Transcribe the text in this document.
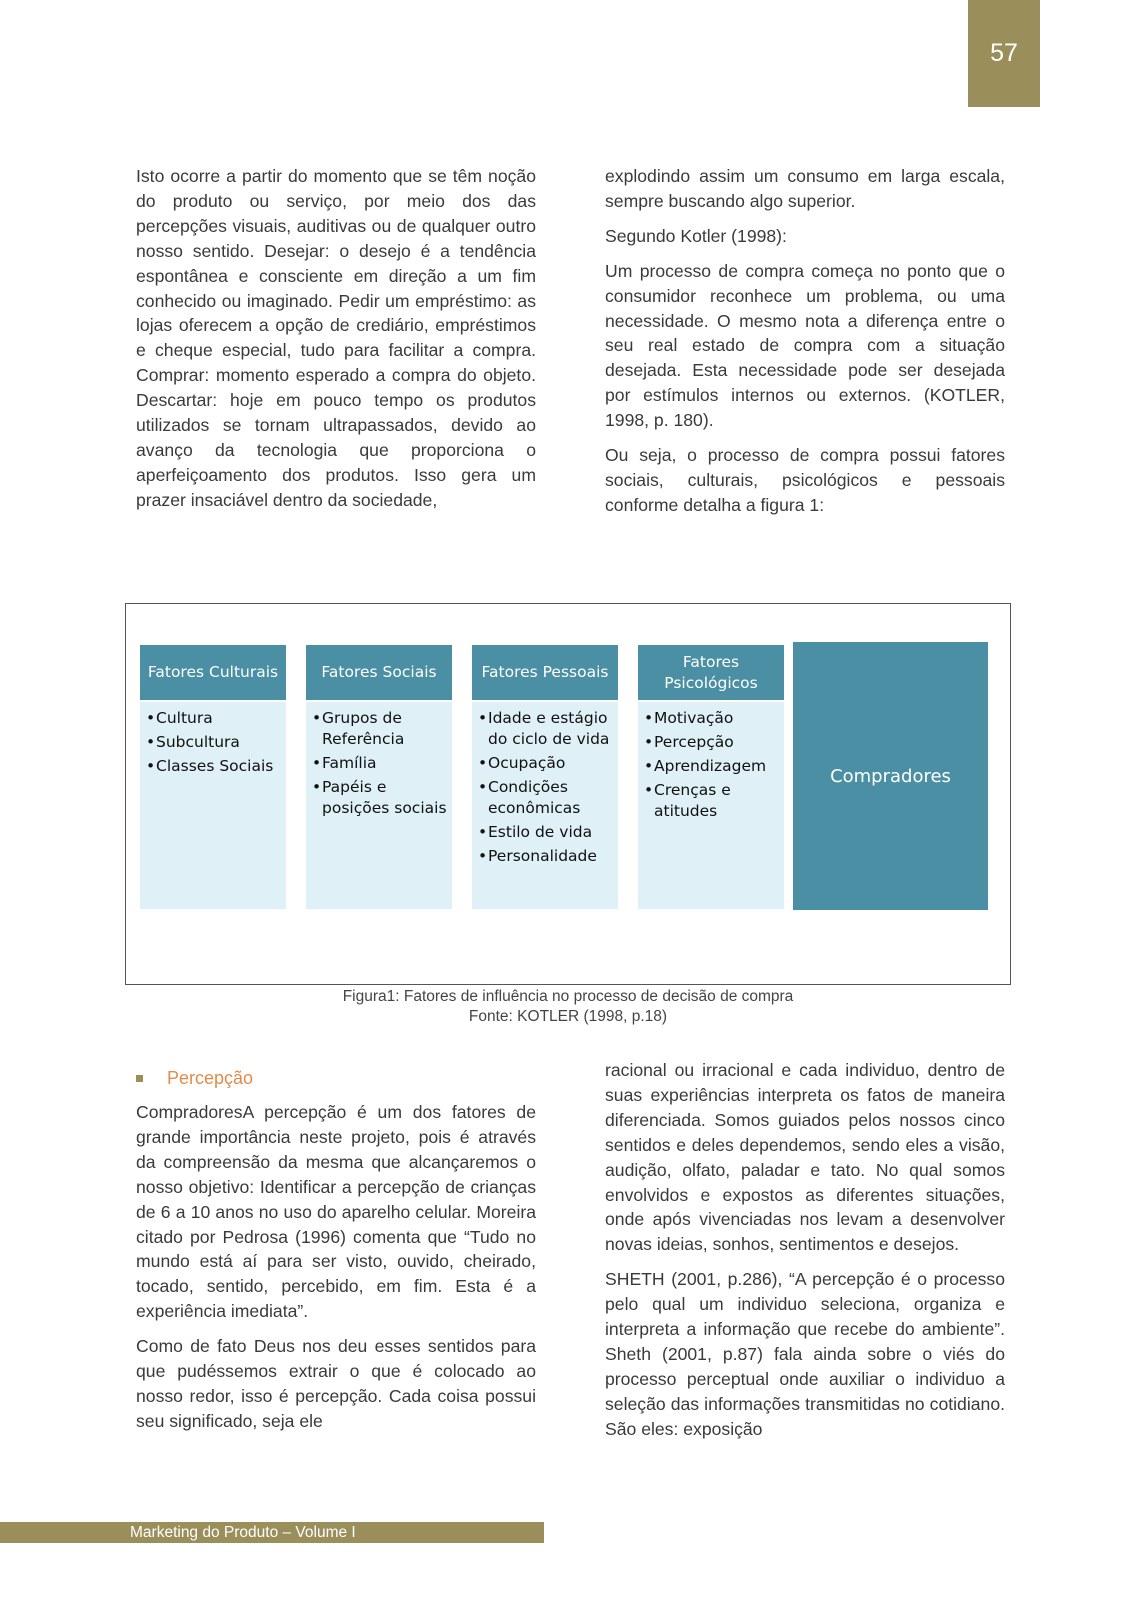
57

Isto ocorre a partir do momento que se têm noção do produto ou serviço, por meio dos das percepções visuais, auditivas ou de qualquer outro nosso sentido. Desejar: o desejo é a tendência espontânea e consciente em direção a um fim conhecido ou imaginado. Pedir um empréstimo: as lojas oferecem a opção de crediário, empréstimos e cheque especial, tudo para facilitar a compra. Comprar: momento esperado a compra do objeto. Descartar: hoje em pouco tempo os produtos utilizados se tornam ultrapassados, devido ao avanço da tecnologia que proporciona o aperfeiçoamento dos produtos. Isso gera um prazer insaciável dentro da sociedade,

explodindo assim um consumo em larga escala, sempre buscando algo superior.

Segundo Kotler (1998):

Um processo de compra começa no ponto que o consumidor reconhece um problema, ou uma necessidade. O mesmo nota a diferença entre o seu real estado de compra com a situação desejada. Esta necessidade pode ser desejada por estímulos internos ou externos. (KOTLER, 1998, p. 180).

Ou seja, o processo de compra possui fatores sociais, culturais, psicológicos e pessoais conforme detalha a figura 1:

Fatores Culturais
• Cultura
• Subcultura
• Classes Sociais
Fatores Sociais
• Grupos de Referência
• Família
• Papéis e posições sociais
Fatores Pessoais
• Idade e estágio do ciclo de vida
• Ocupação
• Condições econômicas
• Estilo de vida
• Personalidade
Fatores Psicológicos
• Motivação
• Percepção
• Aprendizagem
• Crenças e atitudes
Compradores
Figura1: Fatores de influência no processo de decisão de compra
Fonte: KOTLER (1998, p.18)
Percepção

CompradoresA percepção é um dos fatores de grande importância neste projeto, pois é através da compreensão da mesma que alcançaremos o nosso objetivo: Identificar a percepção de crianças de 6 a 10 anos no uso do aparelho celular. Moreira citado por Pedrosa (1996) comenta que “Tudo no mundo está aí para ser visto, ouvido, cheirado, tocado, sentido, percebido, em fim. Esta é a experiência imediata”.

Como de fato Deus nos deu esses sentidos para que pudéssemos extrair o que é colocado ao nosso redor, isso é percepção. Cada coisa possui seu significado, seja ele

racional ou irracional e cada individuo, dentro de suas experiências interpreta os fatos de maneira diferenciada. Somos guiados pelos nossos cinco sentidos e deles dependemos, sendo eles a visão, audição, olfato, paladar e tato. No qual somos envolvidos e expostos as diferentes situações, onde após vivenciadas nos levam a desenvolver novas ideias, sonhos, sentimentos e desejos.

SHETH (2001, p.286), “A percepção é o processo pelo qual um individuo seleciona, organiza e interpreta a informação que recebe do ambiente”. Sheth (2001, p.87) fala ainda sobre o viés do processo perceptual onde auxiliar o individuo a seleção das informações transmitidas no cotidiano. São eles: exposição

Marketing do Produto – Volume I
